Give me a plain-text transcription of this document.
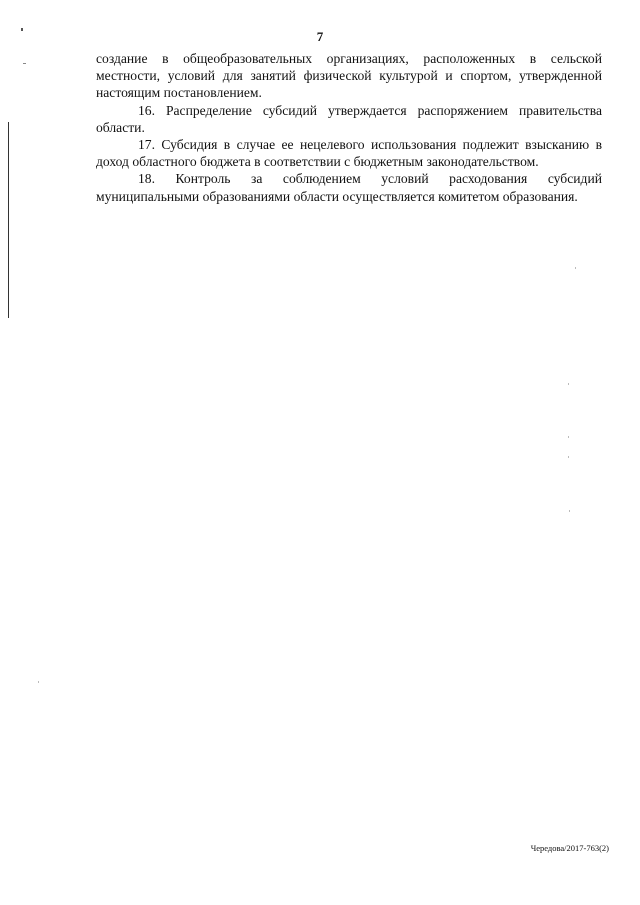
7

создание в общеобразовательных организациях, расположенных в сельской местности, условий для занятий физической культурой и спортом, утвержденной настоящим постановлением.

16. Распределение субсидий утверждается распоряжением правительства области.

17. Субсидия в случае ее нецелевого использования подлежит взысканию в доход областного бюджета в соответствии с бюджетным законодательством.

18. Контроль за соблюдением условий расходования субсидий муниципальными образованиями области осуществляется комитетом образования.

Чередова/2017-763(2)
